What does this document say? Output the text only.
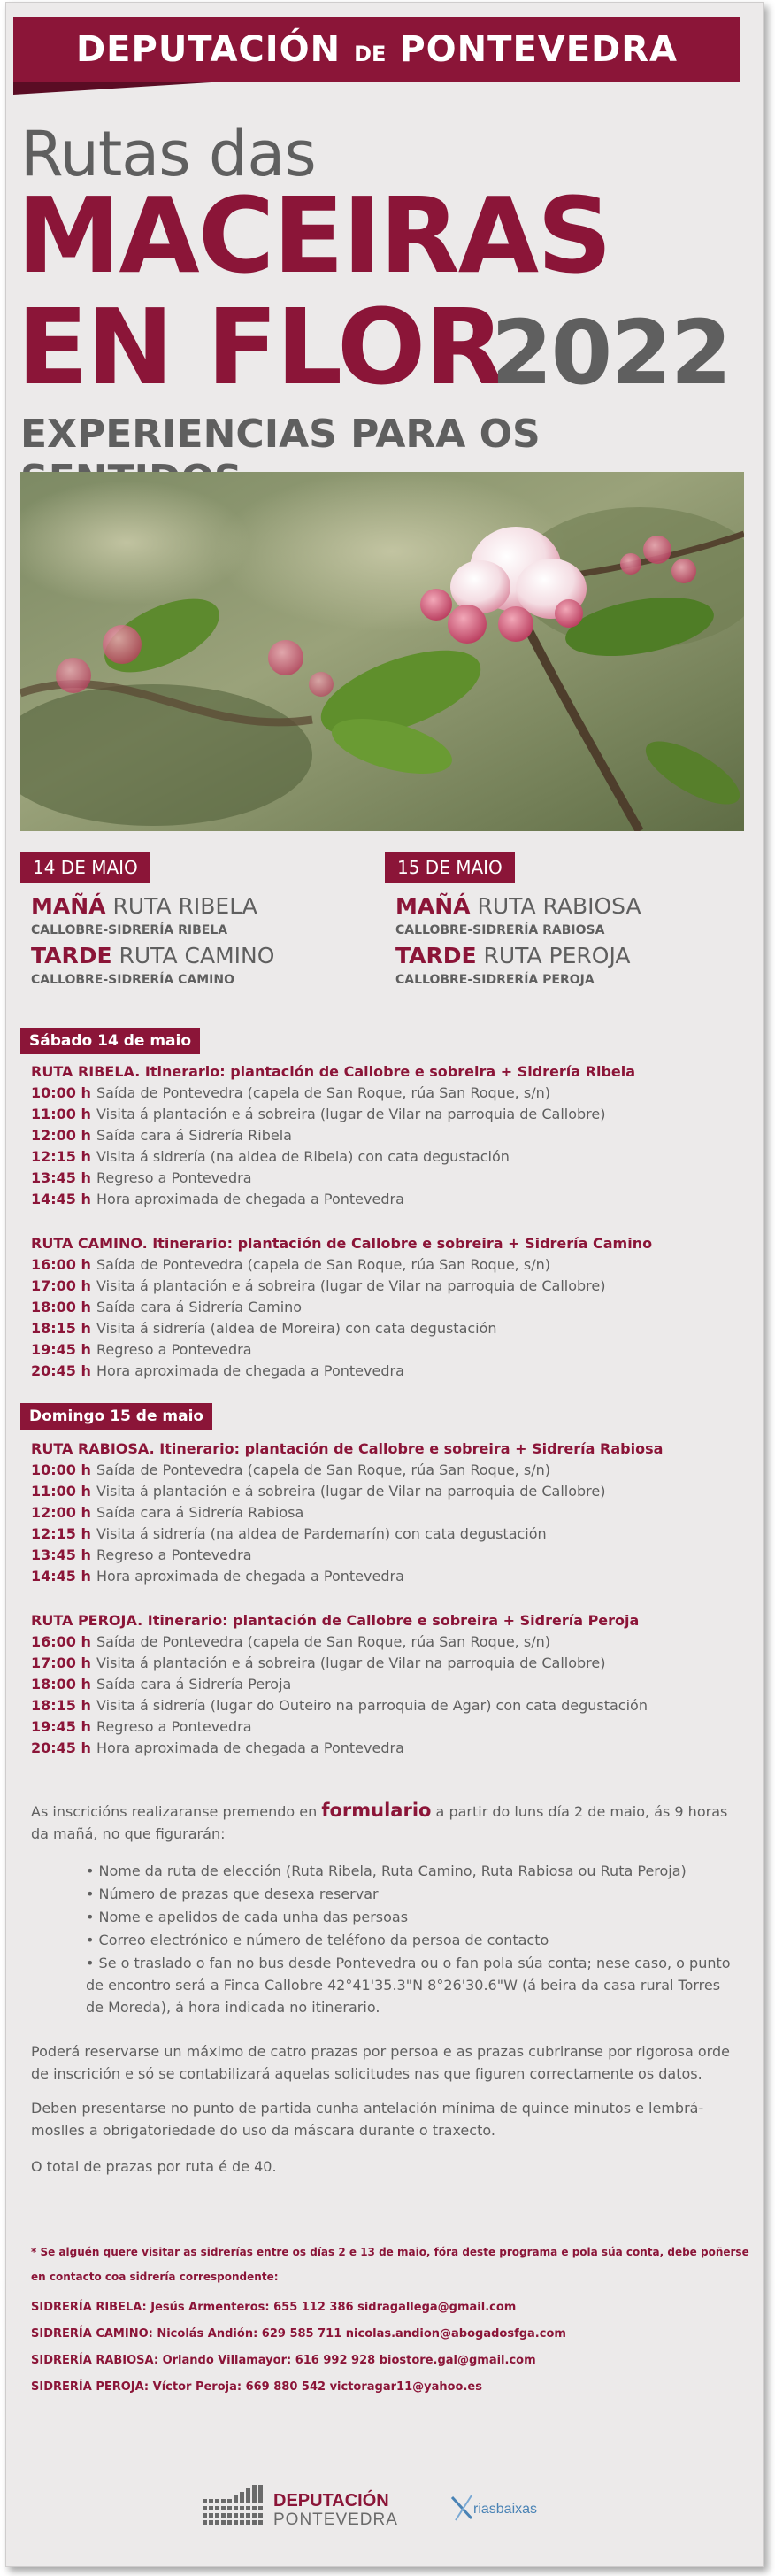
DEPUTACIÓN DE PONTEVEDRA
Rutas das
MACEIRAS
EN FLOR
2022
EXPERIENCIAS PARA OS
14 DE MAIO
MAÑÁ RUTA RIBELA
CALLOBRE-SIDRERÍA RIBELA
TARDE RUTA CAMINO
CALLOBRE-SIDRERÍA CAMINO
15 DE MAIO
MAÑÁ RUTA RABIOSA
CALLOBRE-SIDRERÍA RABIOSA
TARDE RUTA PEROJA
CALLOBRE-SIDRERÍA PEROJA
Sábado 14 de maio
RUTA RIBELA. Itinerario: plantación de Callobre e sobreira + Sidrería Ribela
10:00 h Saída de Pontevedra (capela de San Roque, rúa San Roque, s/n)
11:00 h Visita á plantación e á sobreira (lugar de Vilar na parroquia de Callobre)
12:00 h Saída cara á Sidrería Ribela
12:15 h Visita á sidrería (na aldea de Ribela) con cata degustación
13:45 h Regreso a Pontevedra
14:45 h Hora aproximada de chegada a Pontevedra
RUTA CAMINO. Itinerario: plantación de Callobre e sobreira + Sidrería Camino
16:00 h Saída de Pontevedra (capela de San Roque, rúa San Roque, s/n)
17:00 h Visita á plantación e á sobreira (lugar de Vilar na parroquia de Callobre)
18:00 h Saída cara á Sidrería Camino
18:15 h Visita á sidrería (aldea de Moreira) con cata degustación
19:45 h Regreso a Pontevedra
20:45 h Hora aproximada de chegada a Pontevedra
Domingo 15 de maio
RUTA RABIOSA. Itinerario: plantación de Callobre e sobreira + Sidrería Rabiosa
10:00 h Saída de Pontevedra (capela de San Roque, rúa San Roque, s/n)
11:00 h Visita á plantación e á sobreira (lugar de Vilar na parroquia de Callobre)
12:00 h Saída cara á Sidrería Rabiosa
12:15 h Visita á sidrería (na aldea de Pardemarín) con cata degustación
13:45 h Regreso a Pontevedra
14:45 h Hora aproximada de chegada a Pontevedra
RUTA PEROJA. Itinerario: plantación de Callobre e sobreira + Sidrería Peroja
16:00 h Saída de Pontevedra (capela de San Roque, rúa San Roque, s/n)
17:00 h Visita á plantación e á sobreira (lugar de Vilar na parroquia de Callobre)
18:00 h Saída cara á Sidrería Peroja
18:15 h Visita á sidrería (lugar do Outeiro na parroquia de Agar) con cata degustación
19:45 h Regreso a Pontevedra
20:45 h Hora aproximada de chegada a Pontevedra
As inscricións realizaranse premendo en formulario a partir do luns día 2 de maio, ás 9 horas da mañá, no que figurarán:
• Nome da ruta de elección (Ruta Ribela, Ruta Camino, Ruta Rabiosa ou Ruta Peroja)
• Número de prazas que desexa reservar
• Nome e apelidos de cada unha das persoas
• Correo electrónico e número de teléfono da persoa de contacto
• Se o traslado o fan no bus desde Pontevedra ou o fan pola súa conta; nese caso, o punto de encontro será a Finca Callobre 42°41'35.3"N 8°26'30.6"W (á beira da casa rural Torres de Moreda), á hora indicada no itinerario.
Poderá reservarse un máximo de catro prazas por persoa e as prazas cubriranse por rigorosa orde de inscrición e só se contabilizará aquelas solicitudes nas que figuren correctamente os datos.
Deben presentarse no punto de partida cunha antelación mínima de quince minutos e lembrá-moslles a obrigatoriedade do uso da máscara durante o traxecto.
O total de prazas por ruta é de 40.
* Se alguén quere visitar as sidrerías entre os días 2 e 13 de maio, fóra deste programa e pola súa conta, debe poñerse
en contacto coa sidrería correspondente:
SIDRERÍA RIBELA: Jesús Armenteros: 655 112 386 sidragallega@gmail.com
SIDRERÍA CAMINO: Nicolás Andión: 629 585 711 nicolas.andion@abogadosfga.com
SIDRERÍA RABIOSA: Orlando Villamayor: 616 992 928 biostore.gal@gmail.com
SIDRERÍA PEROJA: Víctor Peroja: 669 880 542 victoragar11@yahoo.es
DEPUTACIÓN
PONTEVEDRA
riasbaixas
